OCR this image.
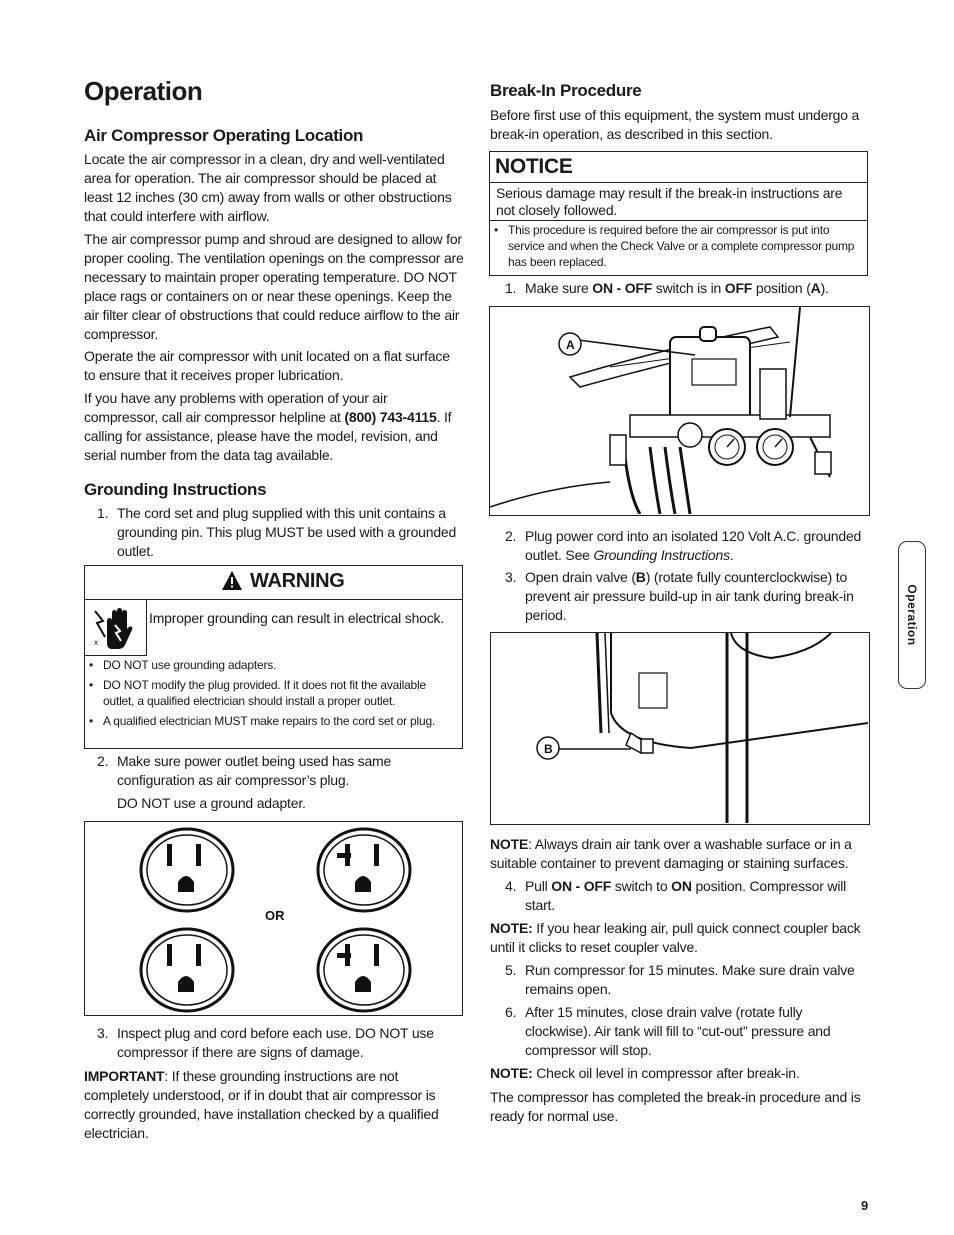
Operation
Air Compressor Operating Location

Locate the air compressor in a clean, dry and well-ventilated area for operation. The air compressor should be placed at least 12 inches (30 cm) away from walls or other obstructions that could interfere with airflow.

The air compressor pump and shroud are designed to allow for proper cooling. The ventilation openings on the compressor are necessary to maintain proper operating temperature. DO NOT place rags or containers on or near these openings. Keep the air filter clear of obstructions that could reduce airflow to the air compressor.

Operate the air compressor with unit located on a flat surface to ensure that it receives proper lubrication.

If you have any problems with operation of your air compressor, call air compressor helpline at (800) 743-4115. If calling for assistance, please have the model, revision, and serial number from the data tag available.

Grounding Instructions
1. The cord set and plug supplied with this unit contains a grounding pin. This plug MUST be used with a grounded outlet.
WARNING
x

Improper grounding can result in electrical shock.

• DO NOT use grounding adapters.
• DO NOT modify the plug provided. If it does not fit the available outlet, a qualified electrician should install a proper outlet.
• A qualified electrician MUST make repairs to the cord set or plug.
2. Make sure power outlet being used has same configuration as air compressor’s plug.

DO NOT use a ground adapter.

OR
3. Inspect plug and cord before each use. DO NOT use compressor if there are signs of damage.

IMPORTANT: If these grounding instructions are not completely understood, or if in doubt that air compressor is correctly grounded, have installation checked by a qualified electrician.

Break-In Procedure

Before first use of this equipment, the system must undergo a break-in operation, as described in this section.

NOTICE

Serious damage may result if the break-in instructions are not closely followed.

• This procedure is required before the air compressor is put into service and when the Check Valve or a complete compressor pump has been replaced.
1. Make sure ON - OFF switch is in OFF position (A).
A
2. Plug power cord into an isolated 120 Volt A.C. grounded outlet. See Grounding Instructions.
3. Open drain valve (B) (rotate fully counterclockwise) to prevent air pressure build-up in air tank during break-in period.
B

NOTE: Always drain air tank over a washable surface or in a suitable container to prevent damaging or staining surfaces.

4. Pull ON - OFF switch to ON position. Compressor will start.

NOTE: If you hear leaking air, pull quick connect coupler back until it clicks to reset coupler valve.

5. Run compressor for 15 minutes. Make sure drain valve remains open.
6. After 15 minutes, close drain valve (rotate fully clockwise). Air tank will fill to “cut-out” pressure and compressor will stop.

NOTE: Check oil level in compressor after break-in.

The compressor has completed the break-in procedure and is ready for normal use.

Operation
9
